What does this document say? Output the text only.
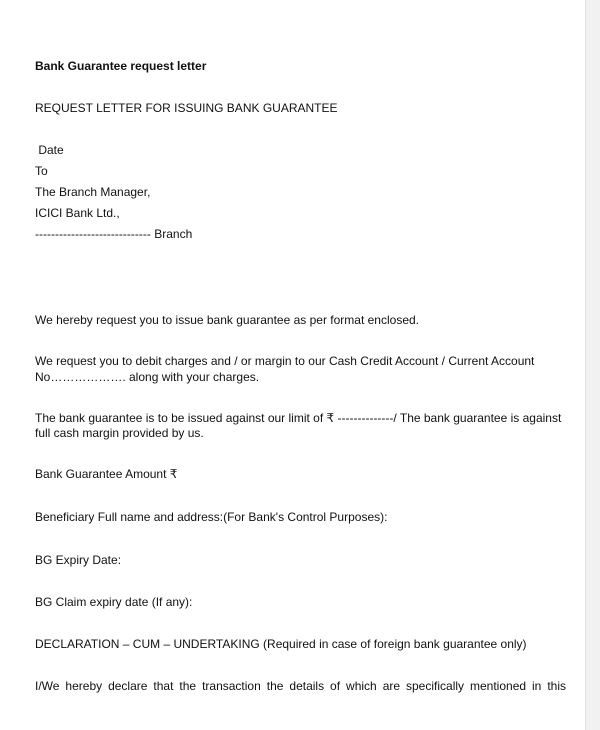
Bank Guarantee request letter

REQUEST LETTER FOR ISSUING BANK GUARANTEE

Date

To

The Branch Manager,

ICICI Bank Ltd.,

----------------------------- Branch

We hereby request you to issue bank guarantee as per format enclosed.

We request you to debit charges and / or margin to our Cash Credit Account / Current Account

No………………. along with your charges.

The bank guarantee is to be issued against our limit of ₹ --------------/ The bank guarantee is against

full cash margin provided by us.

Bank Guarantee Amount ₹

Beneficiary Full name and address:(For Bank's Control Purposes):

BG Expiry Date:

BG Claim expiry date (If any):

DECLARATION – CUM – UNDERTAKING (Required in case of foreign bank guarantee only)

I/We hereby declare that the transaction the details of which are specifically mentioned in this
